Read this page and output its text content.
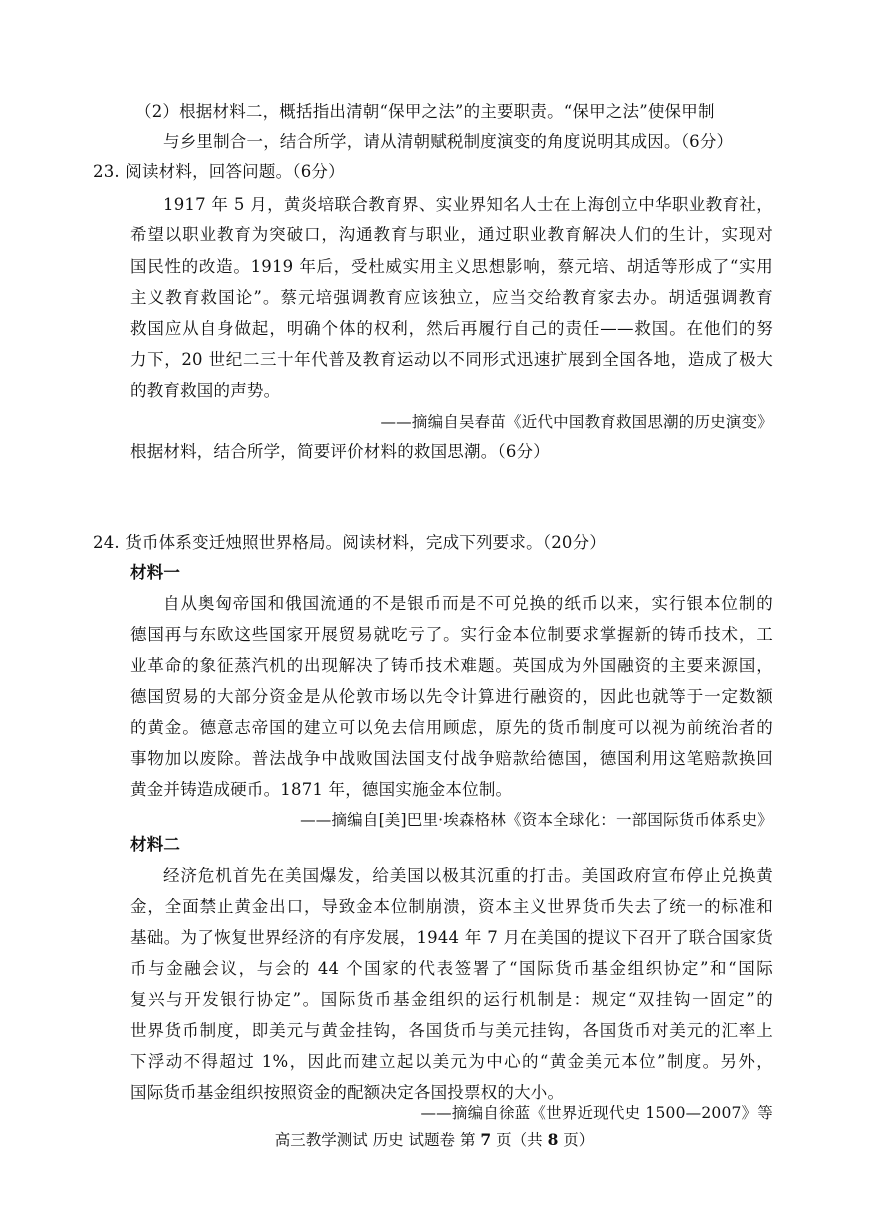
（2）根据材料二，概括指出清朝“保甲之法”的主要职责。“保甲之法”使保甲制
与乡里制合一，结合所学，请从清朝赋税制度演变的角度说明其成因。（6分）
23. 阅读材料，回答问题。（6分）
1917 年 5 月，黄炎培联合教育界、实业界知名人士在上海创立中华职业教育社，
希望以职业教育为突破口，沟通教育与职业，通过职业教育解决人们的生计，实现对
国民性的改造。1919 年后，受杜威实用主义思想影响，蔡元培、胡适等形成了“实用
主义教育救国论”。蔡元培强调教育应该独立，应当交给教育家去办。胡适强调教育
救国应从自身做起，明确个体的权利，然后再履行自己的责任——救国。在他们的努
力下，20 世纪二三十年代普及教育运动以不同形式迅速扩展到全国各地，造成了极大
的教育救国的声势。
——摘编自吴春苗《近代中国教育救国思潮的历史演变》
根据材料，结合所学，简要评价材料的救国思潮。（6分）
24. 货币体系变迁烛照世界格局。阅读材料，完成下列要求。（20分）
材料一
自从奥匈帝国和俄国流通的不是银币而是不可兑换的纸币以来，实行银本位制的
德国再与东欧这些国家开展贸易就吃亏了。实行金本位制要求掌握新的铸币技术，工
业革命的象征蒸汽机的出现解决了铸币技术难题。英国成为外国融资的主要来源国，
德国贸易的大部分资金是从伦敦市场以先令计算进行融资的，因此也就等于一定数额
的黄金。德意志帝国的建立可以免去信用顾虑，原先的货币制度可以视为前统治者的
事物加以废除。普法战争中战败国法国支付战争赔款给德国，德国利用这笔赔款换回
黄金并铸造成硬币。1871 年，德国实施金本位制。
——摘编自[美]巴里·埃森格林《资本全球化：一部国际货币体系史》
材料二
经济危机首先在美国爆发，给美国以极其沉重的打击。美国政府宣布停止兑换黄
金，全面禁止黄金出口，导致金本位制崩溃，资本主义世界货币失去了统一的标准和
基础。为了恢复世界经济的有序发展，1944 年 7 月在美国的提议下召开了联合国家货
币与金融会议，与会的 44 个国家的代表签署了“国际货币基金组织协定”和“国际
复兴与开发银行协定”。国际货币基金组织的运行机制是：规定“双挂钩一固定”的
世界货币制度，即美元与黄金挂钩，各国货币与美元挂钩，各国货币对美元的汇率上
下浮动不得超过 1%，因此而建立起以美元为中心的“黄金美元本位”制度。另外，
国际货币基金组织按照资金的配额决定各国投票权的大小。
——摘编自徐蓝《世界近现代史 1500—2007》等
高三教学测试 历史 试题卷 第 7 页（共 8 页）
